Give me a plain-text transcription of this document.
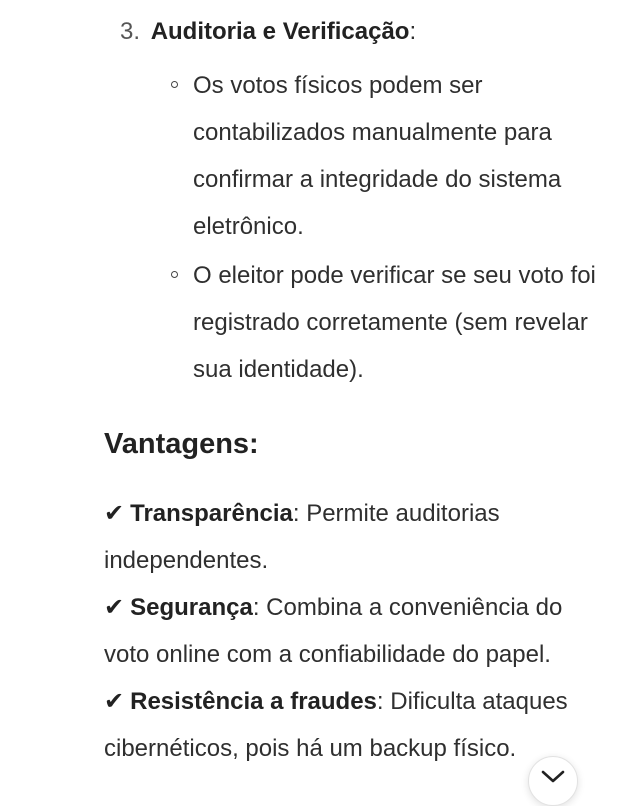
3. Auditoria e Verificação:
Os votos físicos podem ser contabilizados manualmente para confirmar a integridade do sistema eletrônico.
O eleitor pode verificar se seu voto foi registrado corretamente (sem revelar sua identidade).
Vantagens:

✔ Transparência: Permite auditorias independentes.

✔ Segurança: Combina a conveniência do voto online com a confiabilidade do papel.

✔ Resistência a fraudes: Dificulta ataques cibernéticos, pois há um backup físico.
